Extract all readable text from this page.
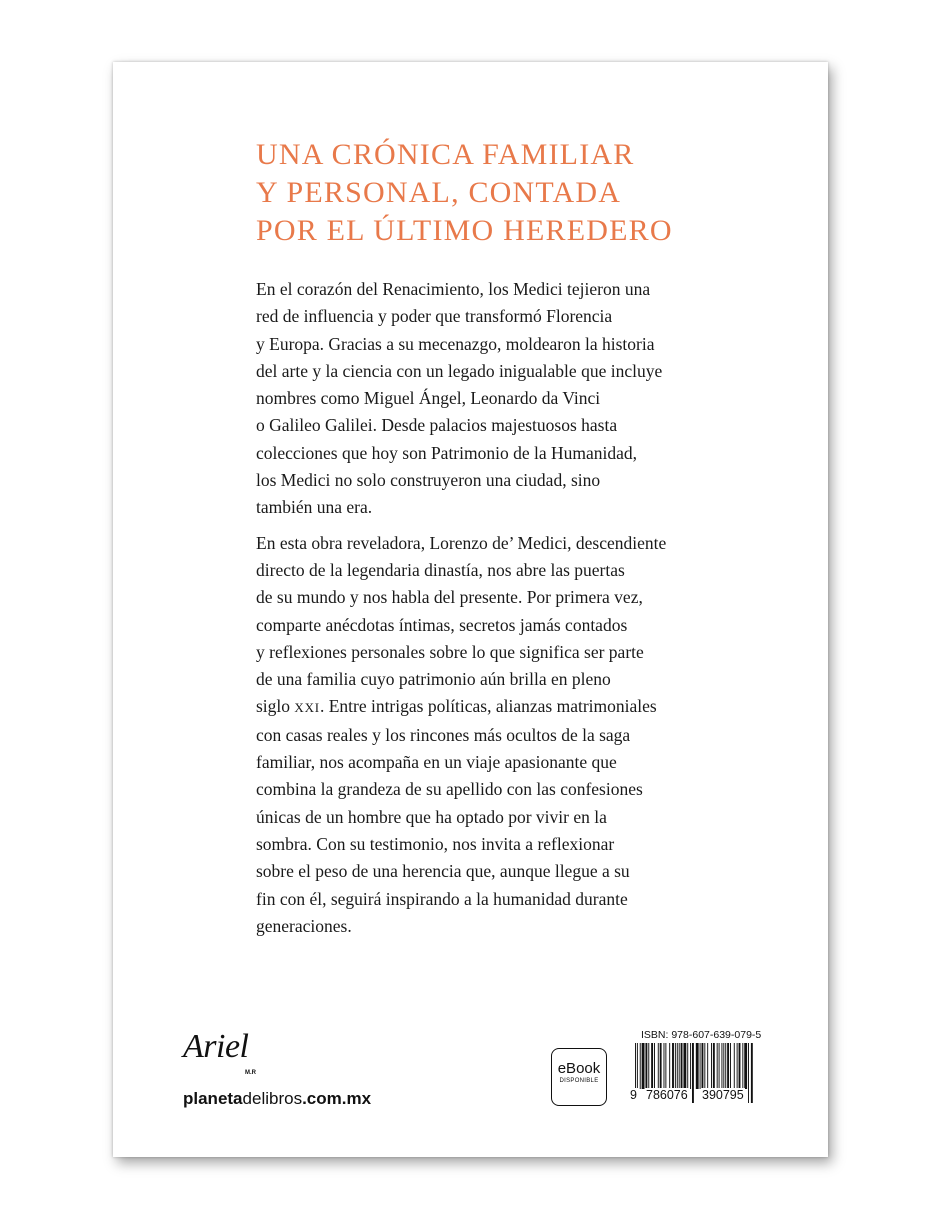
UNA CRÓNICA FAMILIAR
Y PERSONAL, CONTADA
POR EL ÚLTIMO HEREDERO

En el corazón del Renacimiento, los Medici tejieron una
red de influencia y poder que transformó Florencia
y Europa. Gracias a su mecenazgo, moldearon la historia
del arte y la ciencia con un legado inigualable que incluye
nombres como Miguel Ángel, Leonardo da Vinci
o Galileo Galilei. Desde palacios majestuosos hasta
colecciones que hoy son Patrimonio de la Humanidad,
los Medici no solo construyeron una ciudad, sino
también una era.

En esta obra reveladora, Lorenzo de’ Medici, descendiente
directo de la legendaria dinastía, nos abre las puertas
de su mundo y nos habla del presente. Por primera vez,
comparte anécdotas íntimas, secretos jamás contados
y reflexiones personales sobre lo que significa ser parte
de una familia cuyo patrimonio aún brilla en pleno
siglo XXI. Entre intrigas políticas, alianzas matrimoniales
con casas reales y los rincones más ocultos de la saga
familiar, nos acompaña en un viaje apasionante que
combina la grandeza de su apellido con las confesiones
únicas de un hombre que ha optado por vivir en la
sombra. Con su testimonio, nos invita a reflexionar
sobre el peso de una herencia que, aunque llegue a su
fin con él, seguirá inspirando a la humanidad durante
generaciones.

Ariel
M.R
planetadelibros.com.mx
eBook
DISPONIBLE
ISBN: 978-607-639-079-5
9 786076 390795
